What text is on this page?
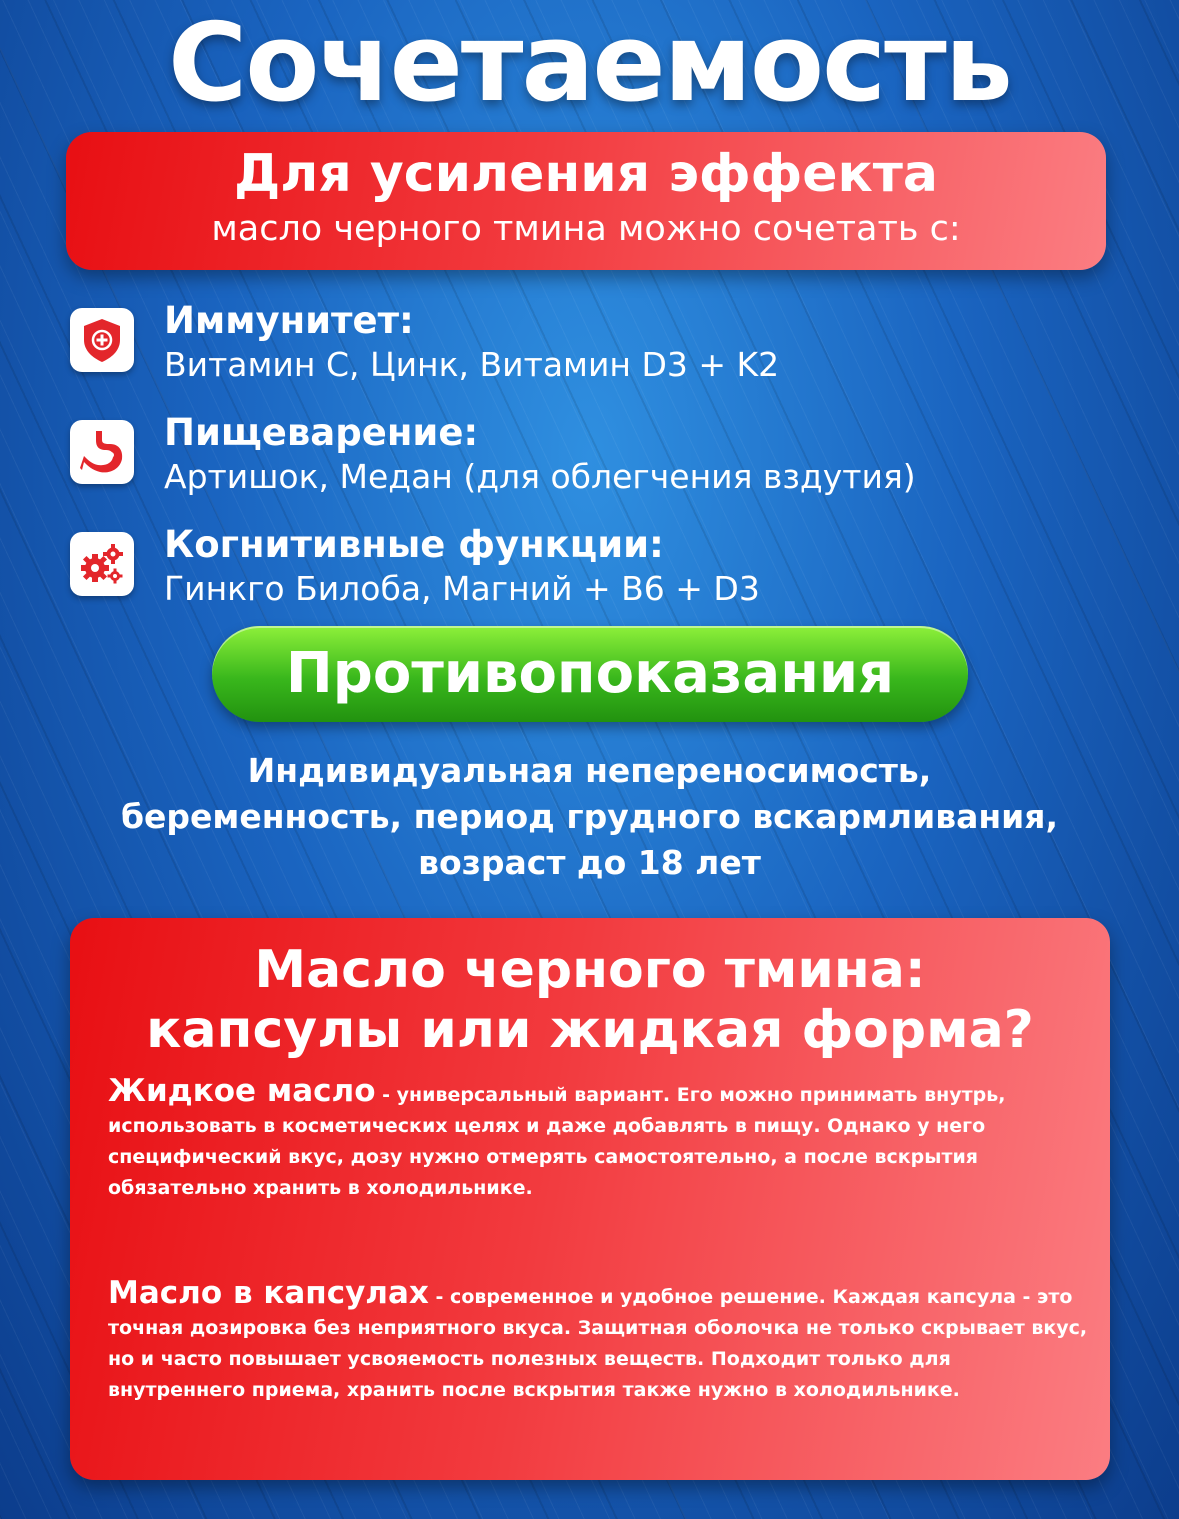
Сочетаемость
Для усиления эффекта
масло черного тмина можно сочетать с:
Иммунитет:
Витамин С, Цинк, Витамин D3 + K2
Пищеварение:
Артишок, Медан (для облегчения вздутия)
Когнитивные функции:
Гинкго Билоба, Магний + B6 + D3
Противопоказания
Индивидуальная непереносимость,
беременность, период грудного вскармливания,
возраст до 18 лет
Масло черного тмина:
капсулы или жидкая форма?
Жидкое масло - универсальный вариант. Его можно принимать внутрь, использовать в косметических целях и даже добавлять в пищу. Однако у него специфический вкус, дозу нужно отмерять самостоятельно, а после вскрытия обязательно хранить в холодильнике.
Масло в капсулах - современное и удобное решение. Каждая капсула - это точная дозировка без неприятного вкуса. Защитная оболочка не только скрывает вкус, но и часто повышает усвояемость полезных веществ. Подходит только для внутреннего приема, хранить после вскрытия также нужно в холодильнике.
